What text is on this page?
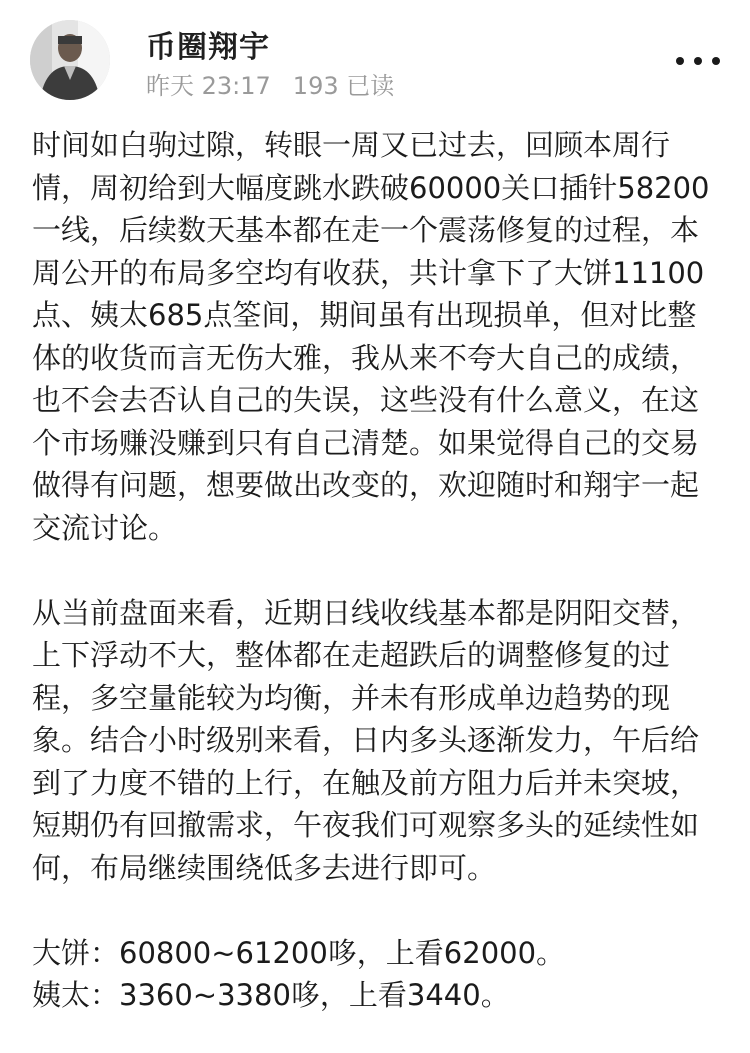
币圈翔宇
昨天 23:17 193 已读

时间如白驹过隙，转眼一周又已过去，回顾本周行
情，周初给到大幅度跳水跌破60000关口插针58200
一线，后续数天基本都在走一个震荡修复的过程，本
周公开的布局多空均有收获，共计拿下了大饼11100
点、姨太685点筌间，期间虽有出现损单，但对比整
体的收货而言无伤大雅，我从来不夸大自己的成绩，
也不会去否认自己的失误，这些没有什么意义，在这
个市场赚没赚到只有自己清楚。如果觉得自己的交易
做得有问题，想要做出改变的，欢迎随时和翔宇一起
交流讨论。

从当前盘面来看，近期日线收线基本都是阴阳交替，
上下浮动不大，整体都在走超跌后的调整修复的过
程，多空量能较为均衡，并未有形成单边趋势的现
象。结合小时级别来看，日内多头逐渐发力，午后给
到了力度不错的上行，在触及前方阻力后并未突坡，
短期仍有回撤需求，午夜我们可观察多头的延续性如
何，布局继续围绕低多去进行即可。

大饼：60800~61200哆，上看62000。

姨太：3360~3380哆，上看3440。
